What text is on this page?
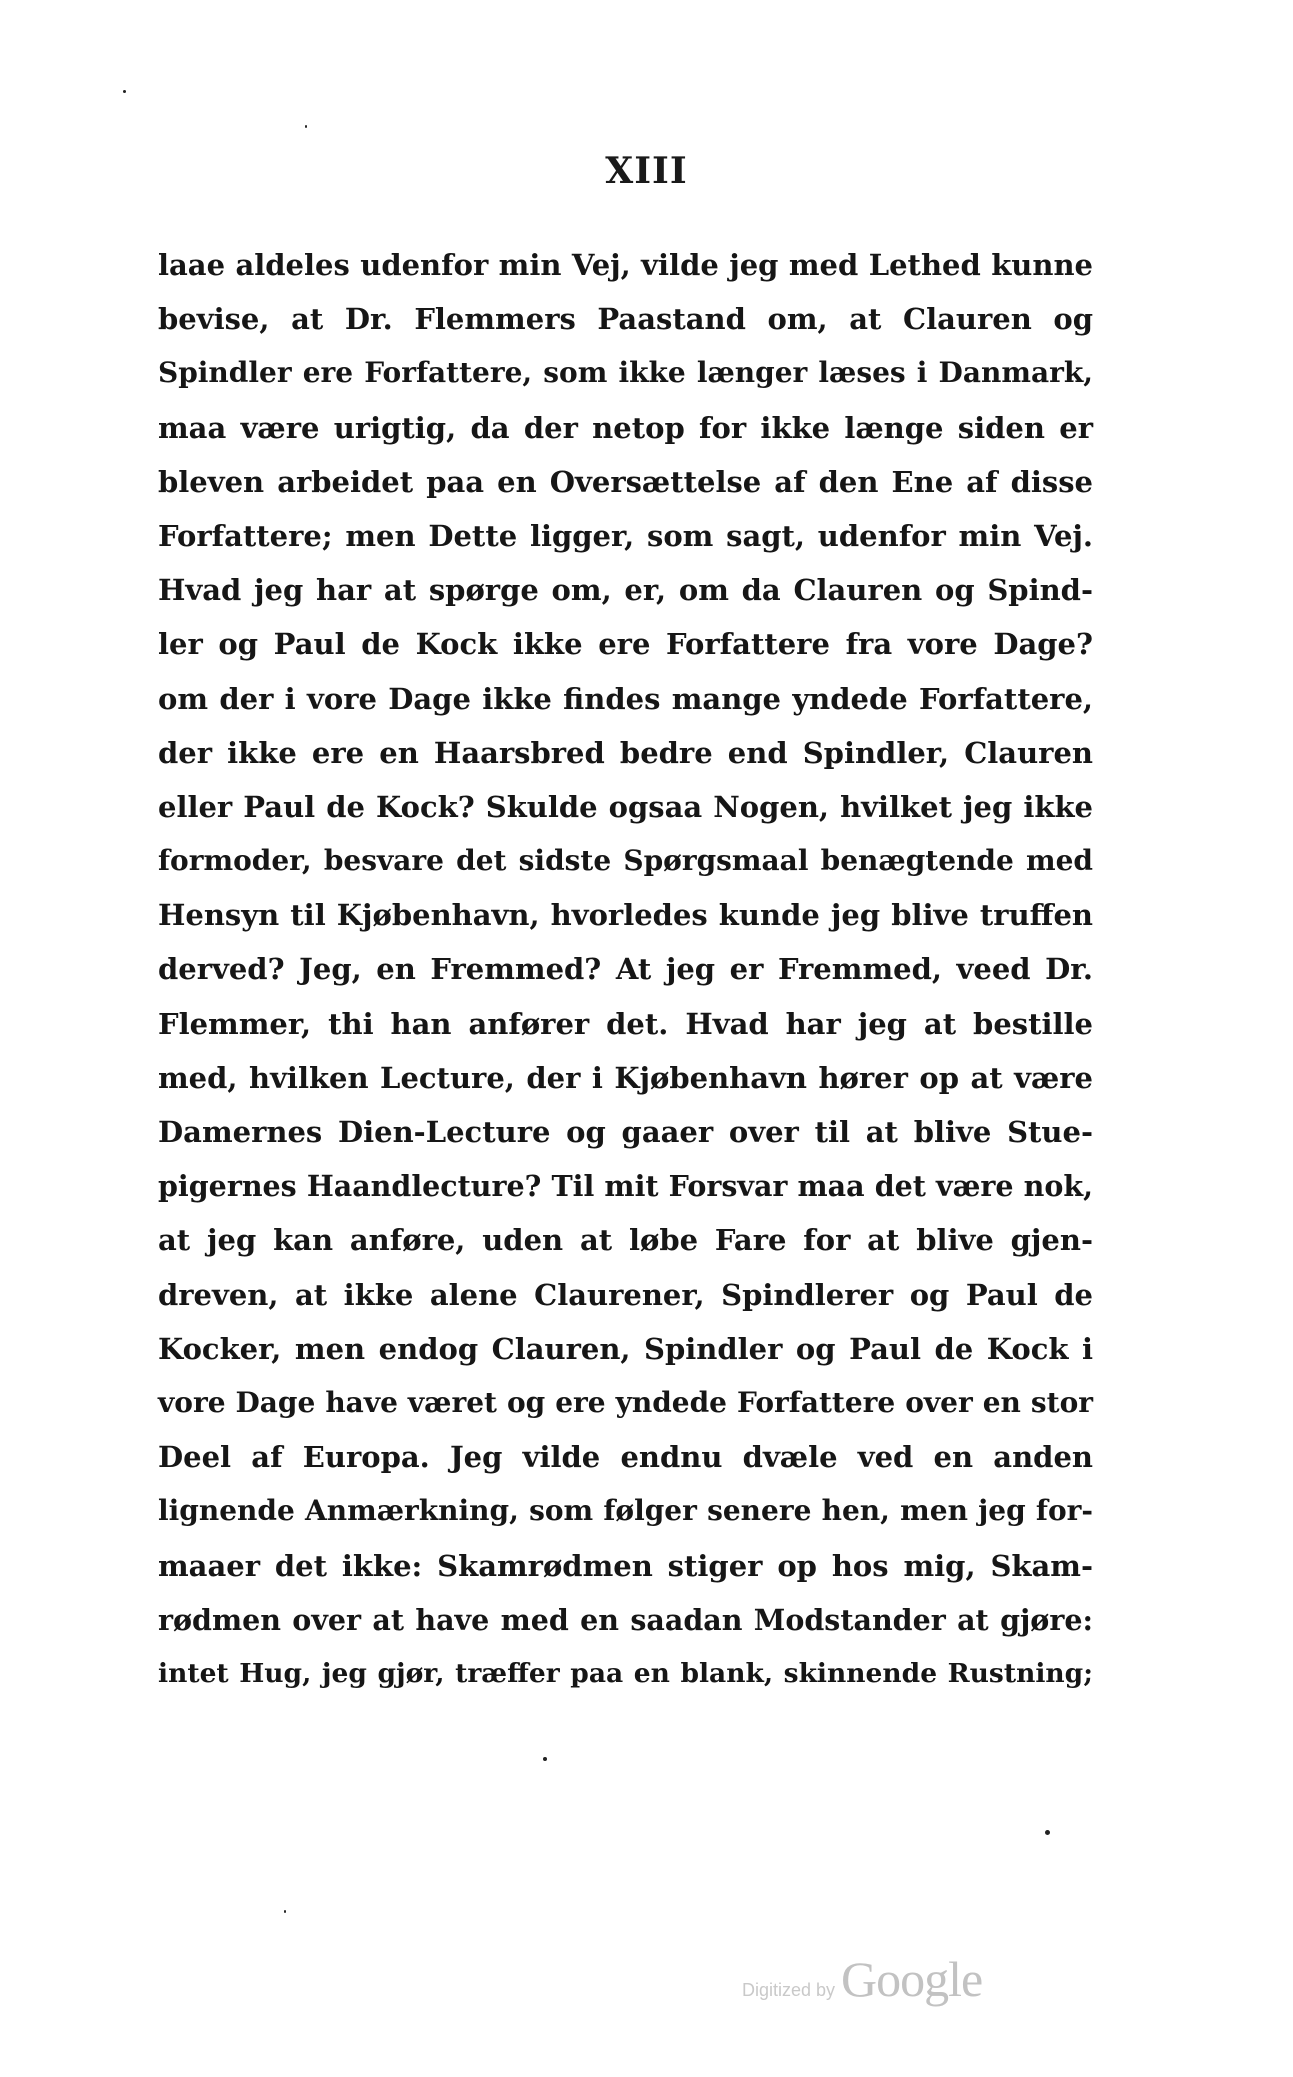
XIII
laae aldeles udenfor min Vej, vilde jeg med Lethed kunne
bevise, at Dr. Flemmers Paastand om, at Clauren og
Spindler ere Forfattere, som ikke længer læses i Danmark,
maa være urigtig, da der netop for ikke længe siden er
bleven arbeidet paa en Oversættelse af den Ene af disse
Forfattere; men Dette ligger, som sagt, udenfor min Vej.
Hvad jeg har at spørge om, er, om da Clauren og Spind-
ler og Paul de Kock ikke ere Forfattere fra vore Dage?
om der i vore Dage ikke findes mange yndede Forfattere,
der ikke ere en Haarsbred bedre end Spindler, Clauren
eller Paul de Kock? Skulde ogsaa Nogen, hvilket jeg ikke
formoder, besvare det sidste Spørgsmaal benægtende med
Hensyn til Kjøbenhavn, hvorledes kunde jeg blive truffen
derved? Jeg, en Fremmed? At jeg er Fremmed, veed Dr.
Flemmer, thi han anfører det. Hvad har jeg at bestille
med, hvilken Lecture, der i Kjøbenhavn hører op at være
Damernes Dien-Lecture og gaaer over til at blive Stue-
pigernes Haandlecture? Til mit Forsvar maa det være nok,
at jeg kan anføre, uden at løbe Fare for at blive gjen-
dreven, at ikke alene Claurener, Spindlerer og Paul de
Kocker, men endog Clauren, Spindler og Paul de Kock i
vore Dage have været og ere yndede Forfattere over en stor
Deel af Europa. Jeg vilde endnu dvæle ved en anden
lignende Anmærkning, som følger senere hen, men jeg for-
maaer det ikke: Skamrødmen stiger op hos mig, Skam-
rødmen over at have med en saadan Modstander at gjøre:
intet Hug, jeg gjør, træffer paa en blank, skinnende Rustning;
Digitized by Google
